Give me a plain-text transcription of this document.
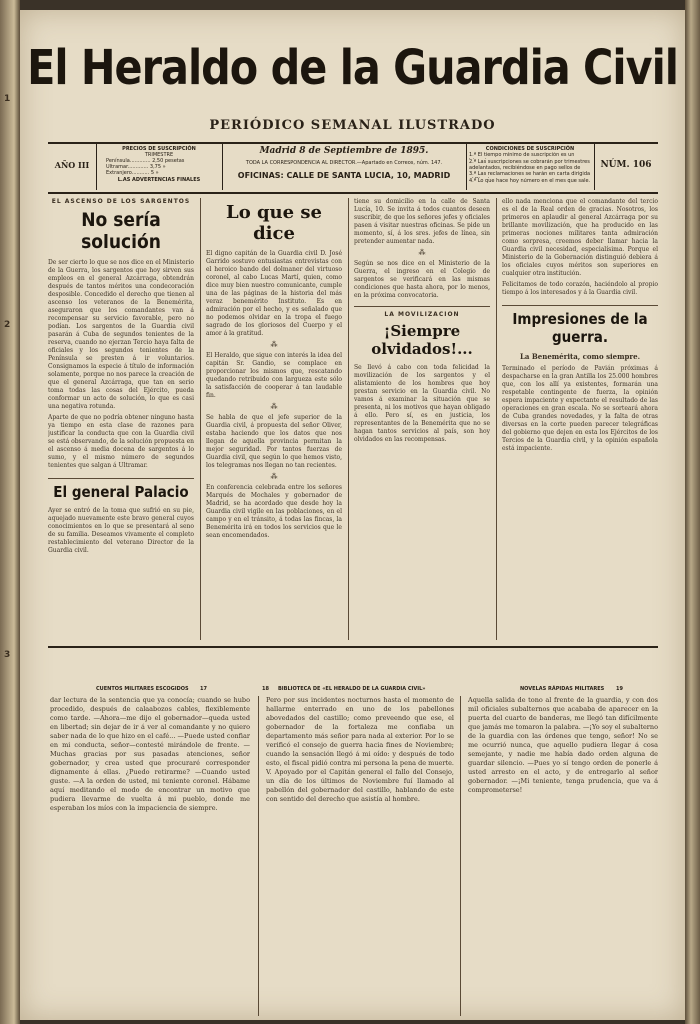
1
2
3
El Heraldo de la Guardia Civil
PERIÓDICO SEMANAL ILUSTRADO
AÑO III
PRECIOS DE SUSCRIPCIÓN
TRIMESTRE
Península............. 2,50 pesetas
Ultramar............. 3,75 »
Extranjero........... 5 »
L.AS ADVERTENCIAS FINALES
Madrid 8 de Septiembre de 1895.
TODA LA CORRESPONDENCIA AL DIRECTOR.—Apartado en Correos, núm. 147.
OFICINAS: CALLE DE SANTA LUCIA, 10, MADRID
CONDICIONES DE SUSCRIPCIÓN
1.ª El tiempo mínimo de suscripción es un
2.ª Las suscripciones se cobrarán por trimestres adelantados, recibiéndose en pago sellos de
3.ª Las reclamaciones se harán en carta dirigida
4.ª Lo que hace hoy número en el mes que sale.
NÚM. 106
EL ASCENSO DE LOS SARGENTOS
No sería solución
De ser cierto lo que se nos dice en el Ministerio de la Guerra, los sargentos que hoy sirven sus empleos en el general Azcárraga, obtendrán después de tantos méritos una condecoración desposible. Concedido el derecho que tienen al ascenso los veteranos de la Benemérita, aseguraron que los comandantes van á recompensar su servicio favorable, pero no podían. Los sargentos de la Guardia civil pasarán á Cuba de segundos tenientes de la reserva, cuando no ejerzan Tercio haya falta de oficiales y los segundos tenientes de la Península se presten á ir voluntarios. Consignamos la especie á título de información solamente, porque no nos parece la creación de que el general Azcárraga, que tan en serio toma todas las cosas del Ejército, pueda conformar un acto de solución, lo que es casi una negativa rotunda.
Aparte de que no podría obtener ninguno hasta ya tiempo en esta clase de razones para justificar la conducta que con la Guardia civil se está observando, de la solución propuesta en el ascenso á media docena de sargentos á lo sumo, y el mismo número de segundos tenientes que salgan á Ultramar.
El general Palacio
Ayer se entró de la toma que sufrió en su pie, aquejado nuevamente este bravo general cuyos conocimientos en lo que se presentará al seno de su familia. Deseamos vivamente el completo restablecimiento del veterano Director de la Guardia civil.
Lo que se dice
El digno capitán de la Guardia civil D. José Garrido sostuvo entusiastas entrevistas con el heroico bando del dolmaner del virtuoso coronel, al cabo Lucas Martí, quien, como dice muy bien nuestro comunicante, cumple una de las páginas de la historia del más veraz benemérito Instituto. Es en admiración por el hecho, y es señalado que no podemos olvidar en la tropa el fuego sagrado de los gloriosos del Cuerpo y el amor á la gratitud.
⁂
El Heraldo, que sigue con interés la idea del capitán Sr. Gandio, se complace en proporcionar los mismos que, rescatando quedando retribuido con largueza este sólo la satisfacción de cooperar á tan laudable fin.
⁂
Se habla de que el jefe superior de la Guardia civil, á propuesta del señor Oliver, estaba haciendo que los datos que nos llegan de aquella provincia permitan la mejor seguridad. Por tantos fuerzas de Guardia civil, que según lo que hemos visto, los telegramas nos llegan no tan recientes.
⁂
En conferencia celebrada entre los señores Marqués de Mochales y gobernador de Madrid, se ha acordado que desde hoy la Guardia civil vigile en las poblaciones, en el campo y en el tránsito, á todas las fincas, la Benemérita irá en todos los servicios que le sean encomendados.
tiene su domicilio en la calle de Santa Lucía, 10. Se invita á todos cuantos deseen suscribir, de que los señores jefes y oficiales pasen á visitar nuestras oficinas. Se pide un momento, sí, á los sres. jefes de línea, sin pretender aumentar nada.
⁂
Según se nos dice en el Ministerio de la Guerra, el ingreso en el Colegio de sargentos se verificará en las mismas condiciones que hasta ahora, por lo menos, en la próxima convocatoria.
LA MOVILIZACION
¡Siempre olvidados!...
Se llevó á cabo con toda felicidad la movilización de los sargentos y el alistamiento de los hombres que hoy prestan servicio en la Guardia civil. No vamos á examinar la situación que se presenta, ni los motivos que hayan obligado á ello. Pero sí, es en justicia, los representantes de la Benemérita que no se hagan tantos servicios al país, son hoy olvidados en las recompensas.
ello nada menciona que el comandante del tercio es el de la Real orden de gracias. Nosotros, los primeros en aplaudir al general Azcárraga por su brillante movilización, que ha producido en las primeras nociones militares tanta admiración como sorpresa, creemos deber llamar hacia la Guardia civil necesidad, especialísima. Porque el Ministerio de la Gobernación distinguió debiera á los oficiales cuyos méritos son superiores en cualquier otra institución.
Felicitamos de todo corazón, haciéndolo al propio tiempo á los interesados y á la Guardia civil.
Impresiones de la guerra.
La Benemérita, como siempre.
Terminado el período de Pavián próximas á despacharse en la gran Antilla los 25.000 hombres que, con los allí ya existentes, formarán una respetable contingente de fuerza, la opinión espera impaciente y expectante el resultado de las operaciones en gran escala. No se sorteará ahora de Cuba grandes novedades, y la falta de otras diversas en la corte pueden parecer telegráficas del gobierno que dejen en esta los Ejércitos de los Tercios de la Guardia civil, y la opinión española está impaciente.
CUENTOS MILITARES ESCOGIDOS 17	18 BIBLIOTECA DE «EL HERALDO DE LA GUARDIA CIVIL»	NOVELAS RÁPIDAS MILITARES 19
dar lectura de la sentencia que ya conocía; cuando se hubo procedido, después de calaabozos cables, flexiblemente como tarde. —Ahora—me dijo el gobernador—queda usted en libertad; sin dejar de ir á ver al comandante y no quiero saber nada de lo que hizo en el café... —Puede usted confiar en mi conducta, señor—contesté mirándole de frente. —Muchas gracias por sus pasadas atenciones, señor gobernador, y crea usted que procuraré corresponder dignamente á ellas. ¿Puedo retirarme? —Cuando usted guste. —A la orden de usted, mi teniente coronel. Hábame aquí meditando el modo de encontrar un motivo que pudiera llevarme de vuelta á mi pueblo, donde me esperaban los míos con la impaciencia de siempre.
Pero por sus incidentes nocturnos hasta el momento de hallarme enterrado en uno de los pabellones abovedados del castillo; como preveendo que ese, el gobernador de la fortaleza me confiaba un departamento más señor para nada al exterior. Por lo se verificó el consejo de guerra hacia fines de Noviembre; cuando la sensación llegó á mi oído: y después de todo esto, el fiscal pidió contra mi persona la pena de muerte. V. Apoyado por el Capitán general el fallo del Consejo, un día de los últimos de Noviembre fuí llamado al pabellón del gobernador del castillo, hablando de este con sentido del derecho que asistía al hombre.
Aquella salida de tono al frente de la guardia, y con dos mil oficiales subalternos que acababa de aparecer en la puerta del cuarto de banderas, me llegó tan difícilmente que jamás me tomaron la palabra. —¡Yo soy el subalterno de la guardia con las órdenes que tengo, señor! No se me ocurrió nunca, que aquello pudiera llegar á cosa semejante, y nadie me había dado orden alguna de guardar silencio. —Pues yo sí tengo orden de ponerle á usted arresto en el acto, y de entregarlo al señor gobernador. —¡Mi teniente, tenga prudencia, que va á comprometerse!
